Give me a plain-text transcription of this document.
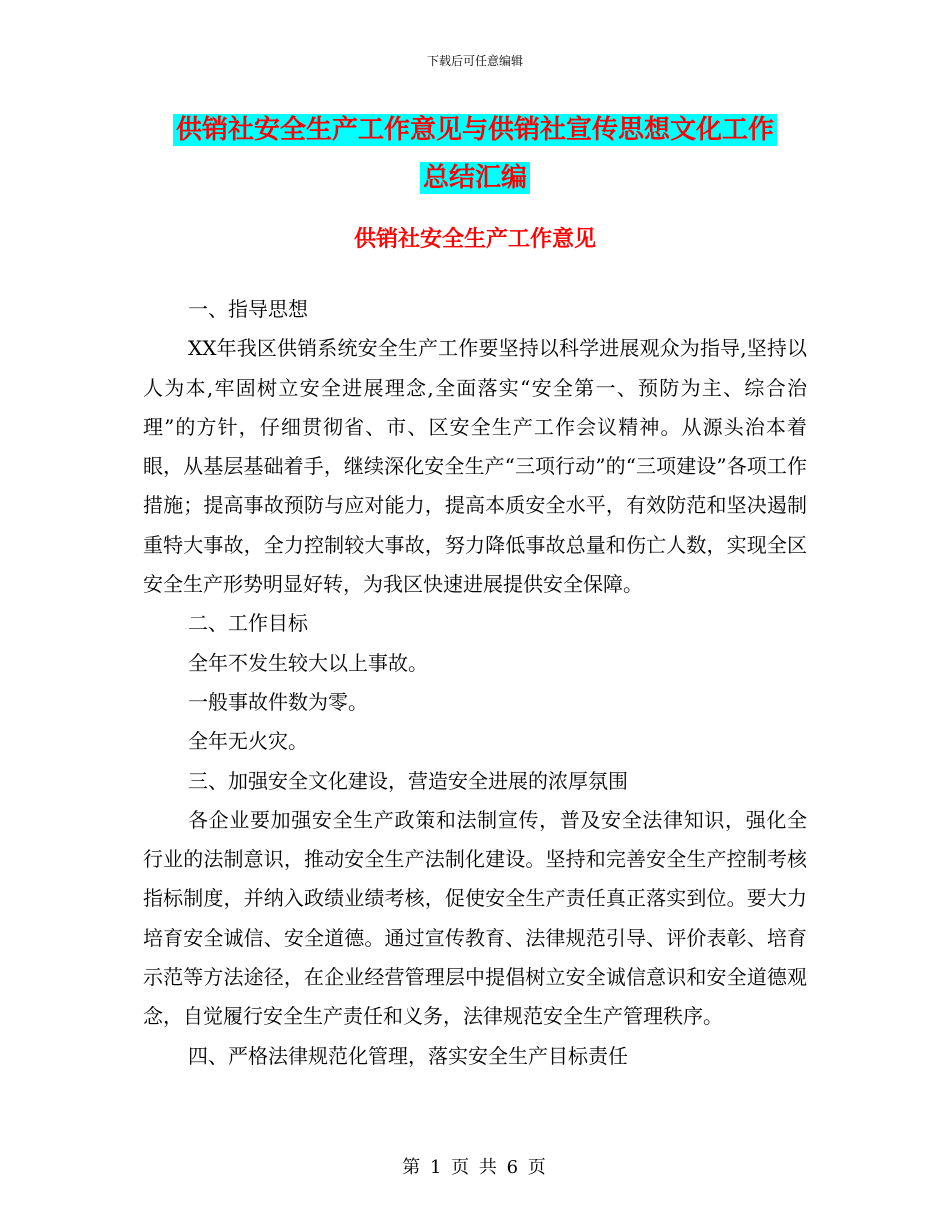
下载后可任意编辑
供销社安全生产工作意见与供销社宣传思想文化工作
总结汇编
供销社安全生产工作意见

一、指导思想

XX年我区供销系统安全生产工作要坚持以科学进展观众为指导,坚持以人为本,牢固树立安全进展理念,全面落实“安全第一、预防为主、综合治理”的方针，仔细贯彻省、市、区安全生产工作会议精神。从源头治本着眼，从基层基础着手，继续深化安全生产“三项行动”的“三项建设”各项工作措施；提高事故预防与应对能力，提高本质安全水平，有效防范和坚决遏制重特大事故，全力控制较大事故，努力降低事故总量和伤亡人数，实现全区安全生产形势明显好转，为我区快速进展提供安全保障。

二、工作目标

全年不发生较大以上事故。

一般事故件数为零。

全年无火灾。

三、加强安全文化建设，营造安全进展的浓厚氛围

各企业要加强安全生产政策和法制宣传，普及安全法律知识，强化全行业的法制意识，推动安全生产法制化建设。坚持和完善安全生产控制考核指标制度，并纳入政绩业绩考核，促使安全生产责任真正落实到位。要大力培育安全诚信、安全道德。通过宣传教育、法律规范引导、评价表彰、培育示范等方法途径，在企业经营管理层中提倡树立安全诚信意识和安全道德观念，自觉履行安全生产责任和义务，法律规范安全生产管理秩序。

四、严格法律规范化管理，落实安全生产目标责任

第 1 页 共 6 页
